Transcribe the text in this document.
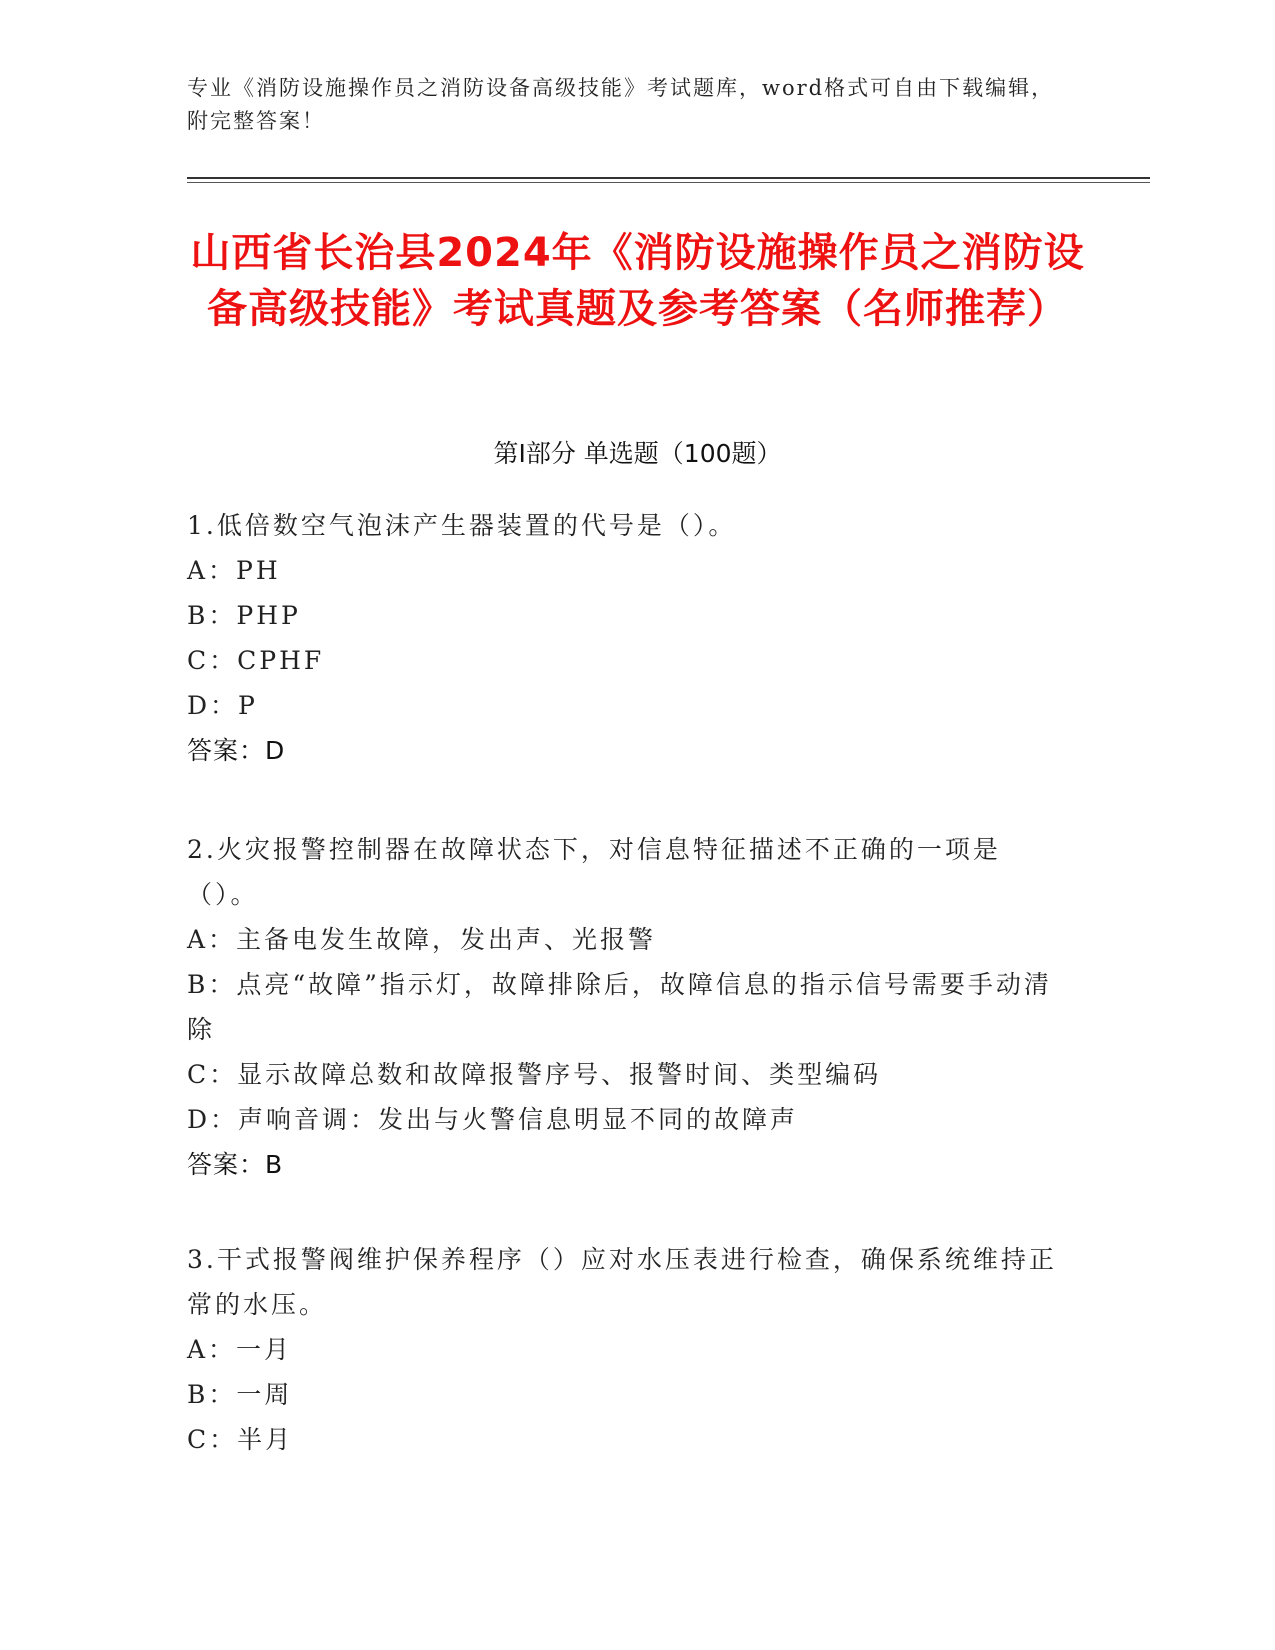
专业《消防设施操作员之消防设备高级技能》考试题库，word格式可自由下载编辑，附完整答案！
山西省长治县2024年《消防设施操作员之消防设备高级技能》考试真题及参考答案（名师推荐）
第I部分 单选题（100题）
1.低倍数空气泡沫产生器装置的代号是（）。
A：PH
B：PHP
C：CPHF
D：P
答案：D
2.火灾报警控制器在故障状态下，对信息特征描述不正确的一项是（）。
A：主备电发生故障，发出声、光报警
B：点亮“故障”指示灯，故障排除后，故障信息的指示信号需要手动清除
C：显示故障总数和故障报警序号、报警时间、类型编码
D：声响音调：发出与火警信息明显不同的故障声
答案：B
3.干式报警阀维护保养程序（）应对水压表进行检查，确保系统维持正常的水压。
A：一月
B：一周
C：半月
